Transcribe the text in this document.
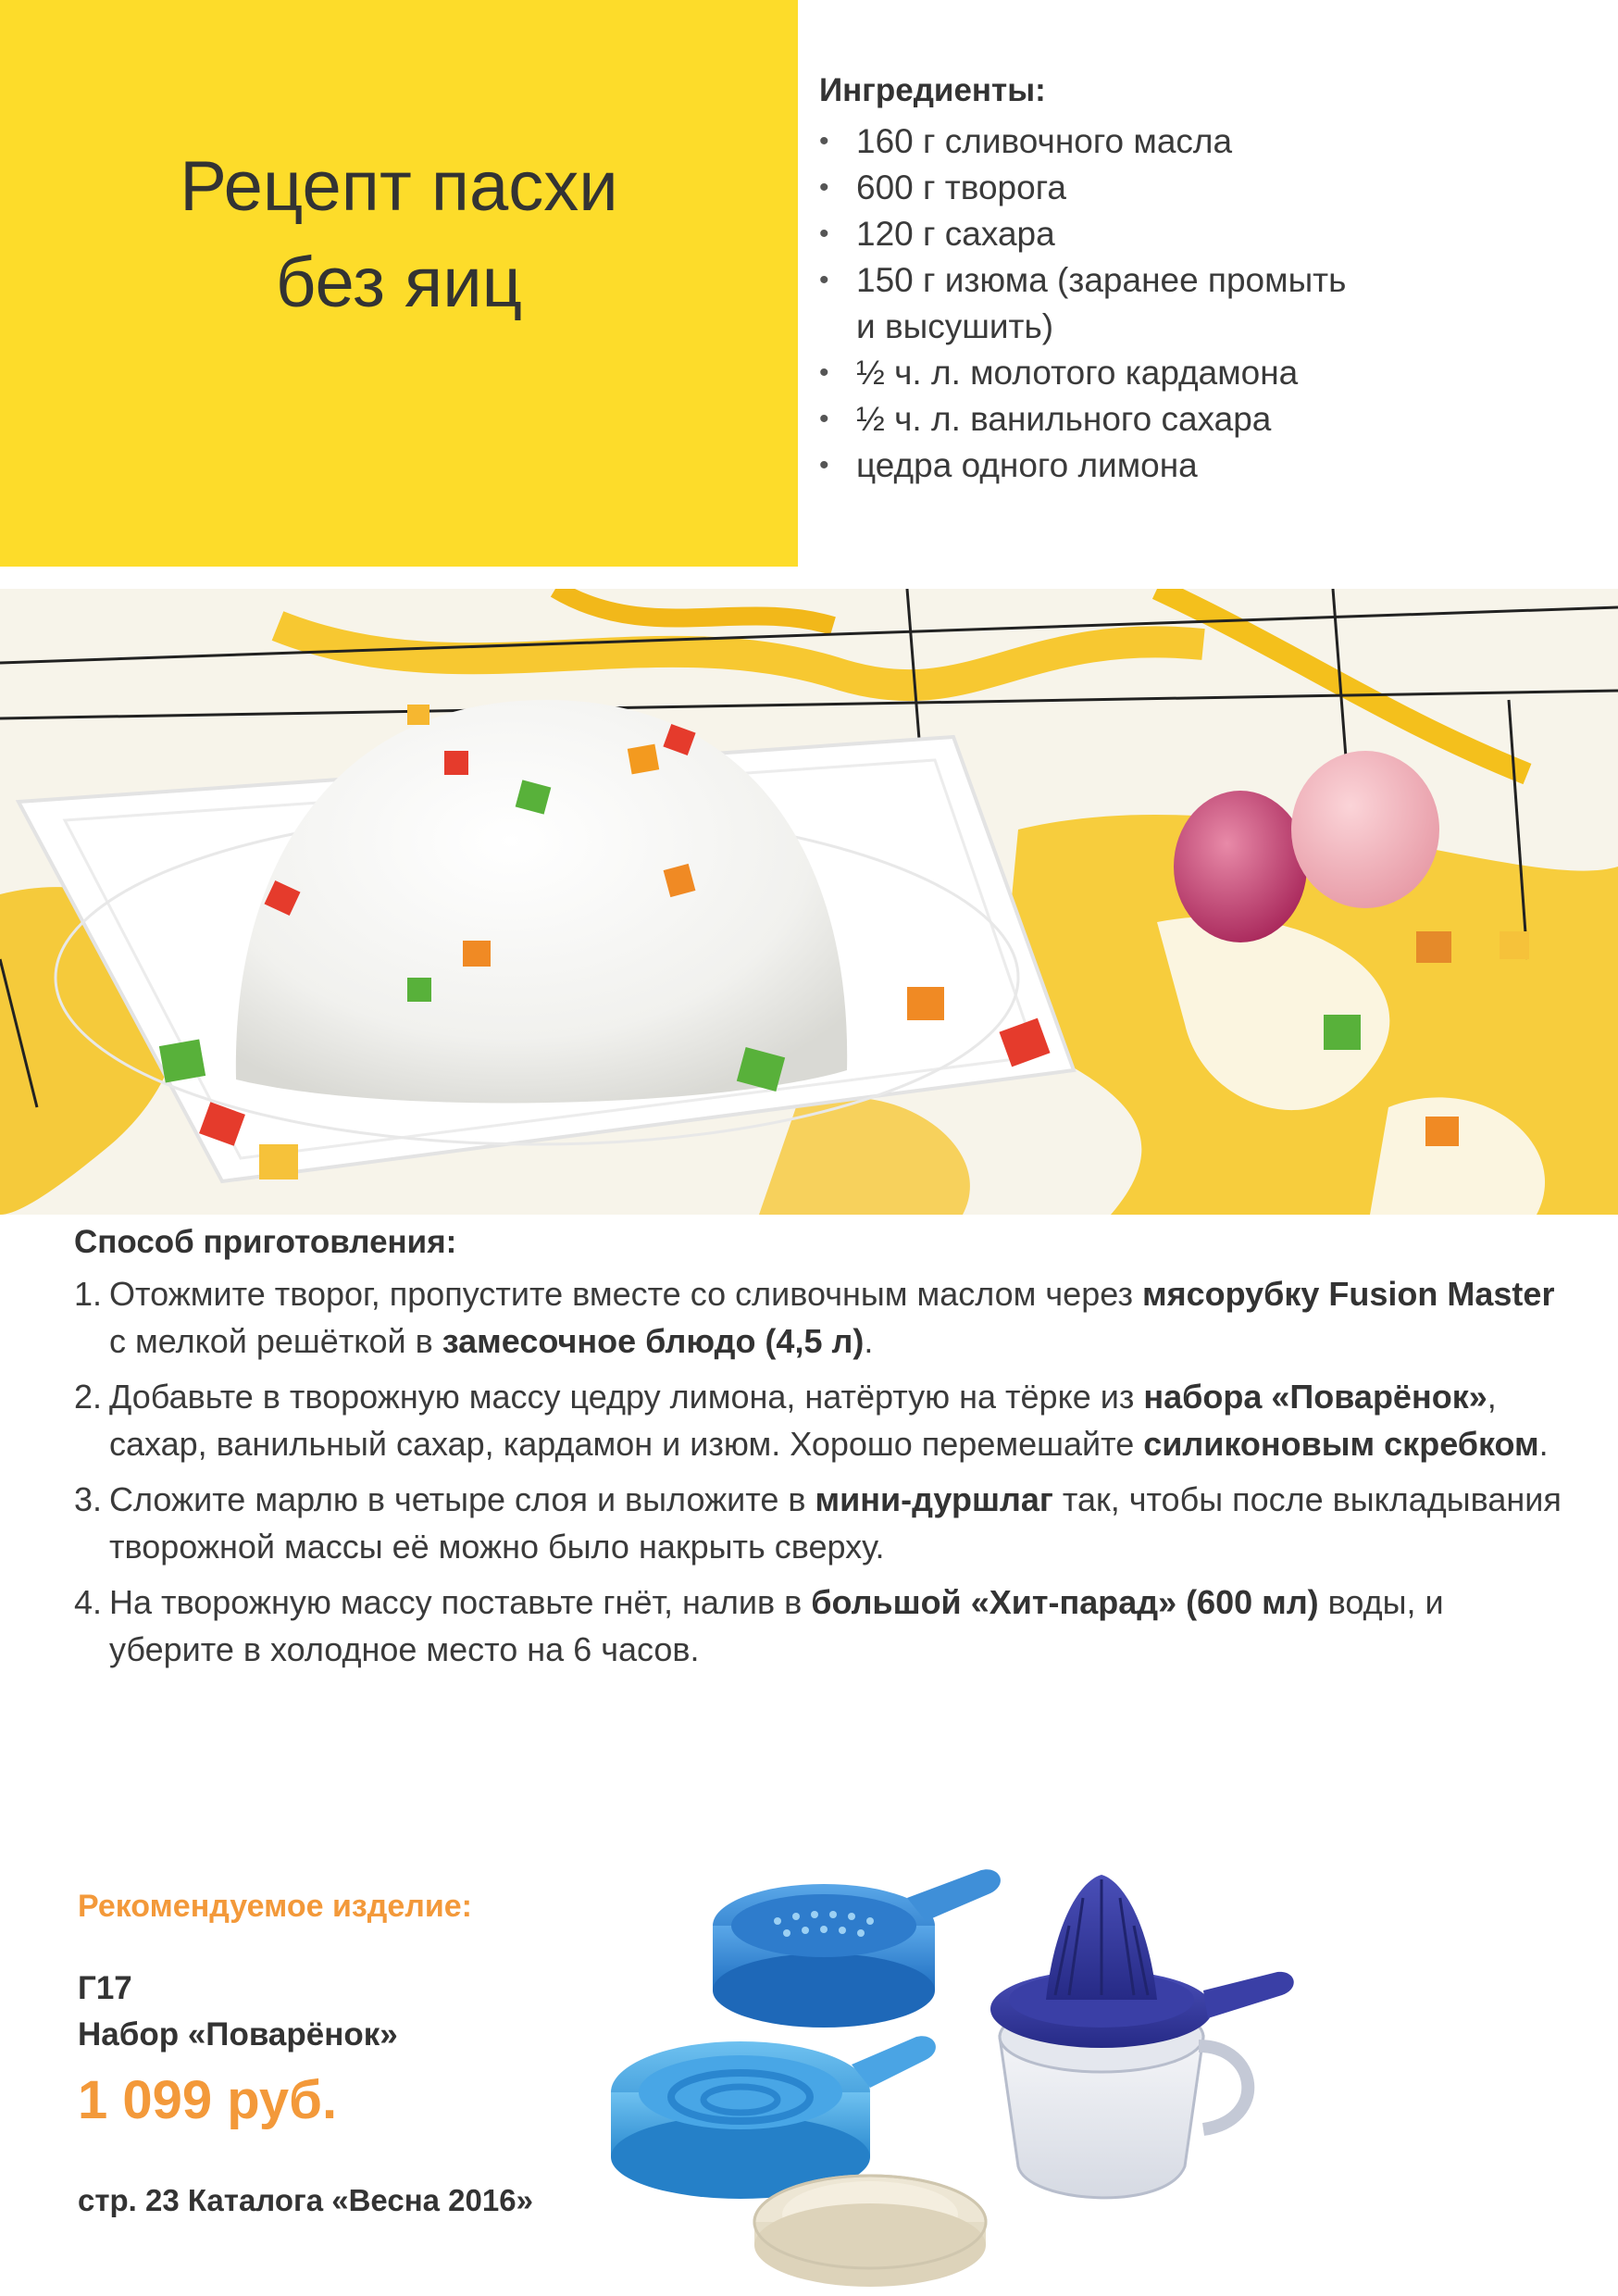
Рецепт пасхи
без яиц

Ингредиенты:

• 160 г сливочного масла
• 600 г творога
• 120 г сахара
• 150 г изюма (заранее промыть
и высушить)
• ½ ч. л. молотого кардамона
• ½ ч. л. ванильного сахара
• цедра одного лимона

Способ приготовления:

1. Отожмите творог, пропустите вместе со сливочным маслом через мясорубку Fusion Master с мелкой решёткой в замесочное блюдо (4,5 л).
2. Добавьте в творожную массу цедру лимона, натёртую на тёрке из набора «Поварёнок», сахар, ванильный сахар, кардамон и изюм. Хорошо перемешайте силиконовым скребком.
3. Сложите марлю в четыре слоя и выложите в мини-дуршлаг так, чтобы после выкладывания творожной массы её можно было накрыть сверху.
4. На творожную массу поставьте гнёт, налив в большой «Хит-парад» (600 мл) воды, и уберите в холодное место на 6 часов.

Рекомендуемое изделие:

Г17
Набор «Поварёнок»
1 099 руб.
стр. 23 Каталога «Весна 2016»
